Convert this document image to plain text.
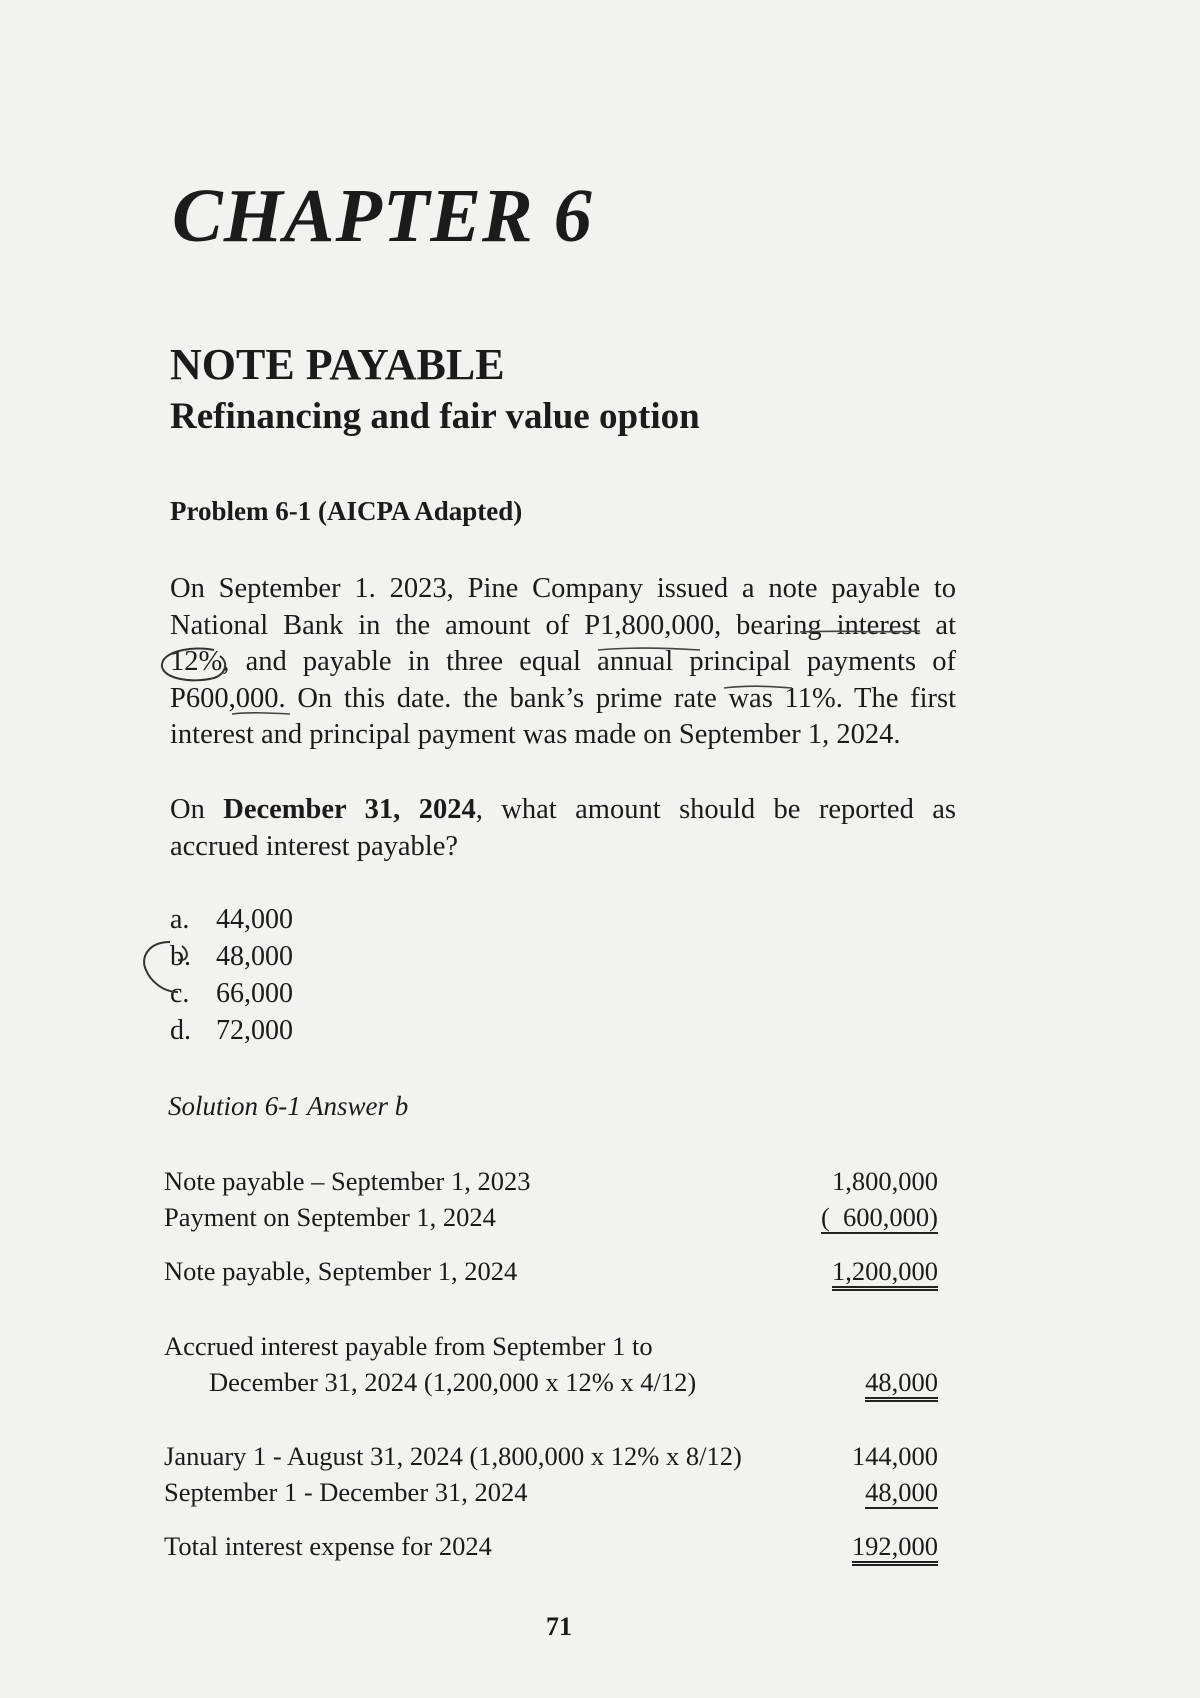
CHAPTER 6
NOTE PAYABLE
Refinancing and fair value option
Problem 6-1 (AICPA Adapted)
On September 1. 2023, Pine Company issued a note payable to
National Bank in the amount of P1,800,000, bearing interest at
12%, and payable in three equal annual principal payments of
P600,000. On this date. the bank’s prime rate was 11%. The first
interest and principal payment was made on September 1, 2024.
On December 31, 2024, what amount should be reported as
accrued interest payable?
a. 44,000
b. 48,000
c. 66,000
d. 72,000
Solution 6-1 Answer b
Note payable – September 1, 2023	1,800,000
Payment on September 1, 2024	(  600,000)
Note payable, September 1, 2024	1,200,000
Accrued interest payable from September 1 to
December 31, 2024 (1,200,000 x 12% x 4/12)	48,000
January 1 - August 31, 2024 (1,800,000 x 12% x 8/12)	144,000
September 1 - December 31, 2024	48,000
Total interest expense for 2024	192,000
71
